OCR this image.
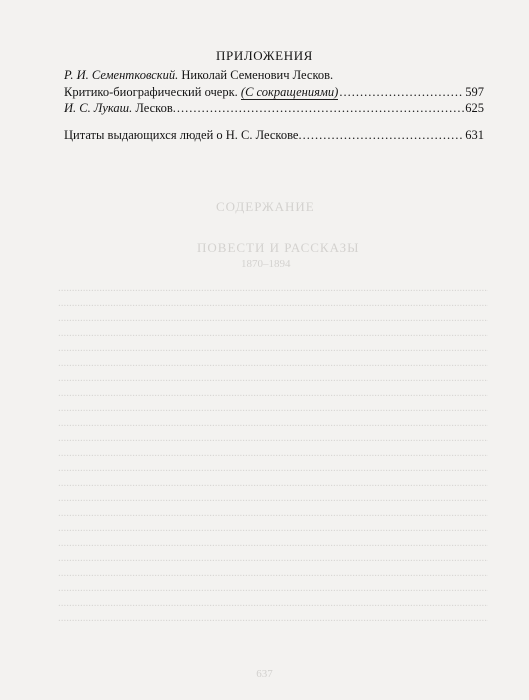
СОДЕРЖАНИЕ
ПОВЕСТИ И РАССКАЗЫ
1870–1894
.....
.....
.....
.....
.....
.....
.....
.....
.....
.....
.....
.....
.....
.....
.....
.....
.....
.....
.....
.....
.....
.....
.....
637
ПРИЛОЖЕНИЯ
Р. И. Сементковский. Николай Семенович Лесков.
Критико-биографический очерк. (С сокращениями) .....	597
И. С. Лукаш. Лесков. .....	625
Цитаты выдающихся людей о Н. С. Лескове. .....	631
